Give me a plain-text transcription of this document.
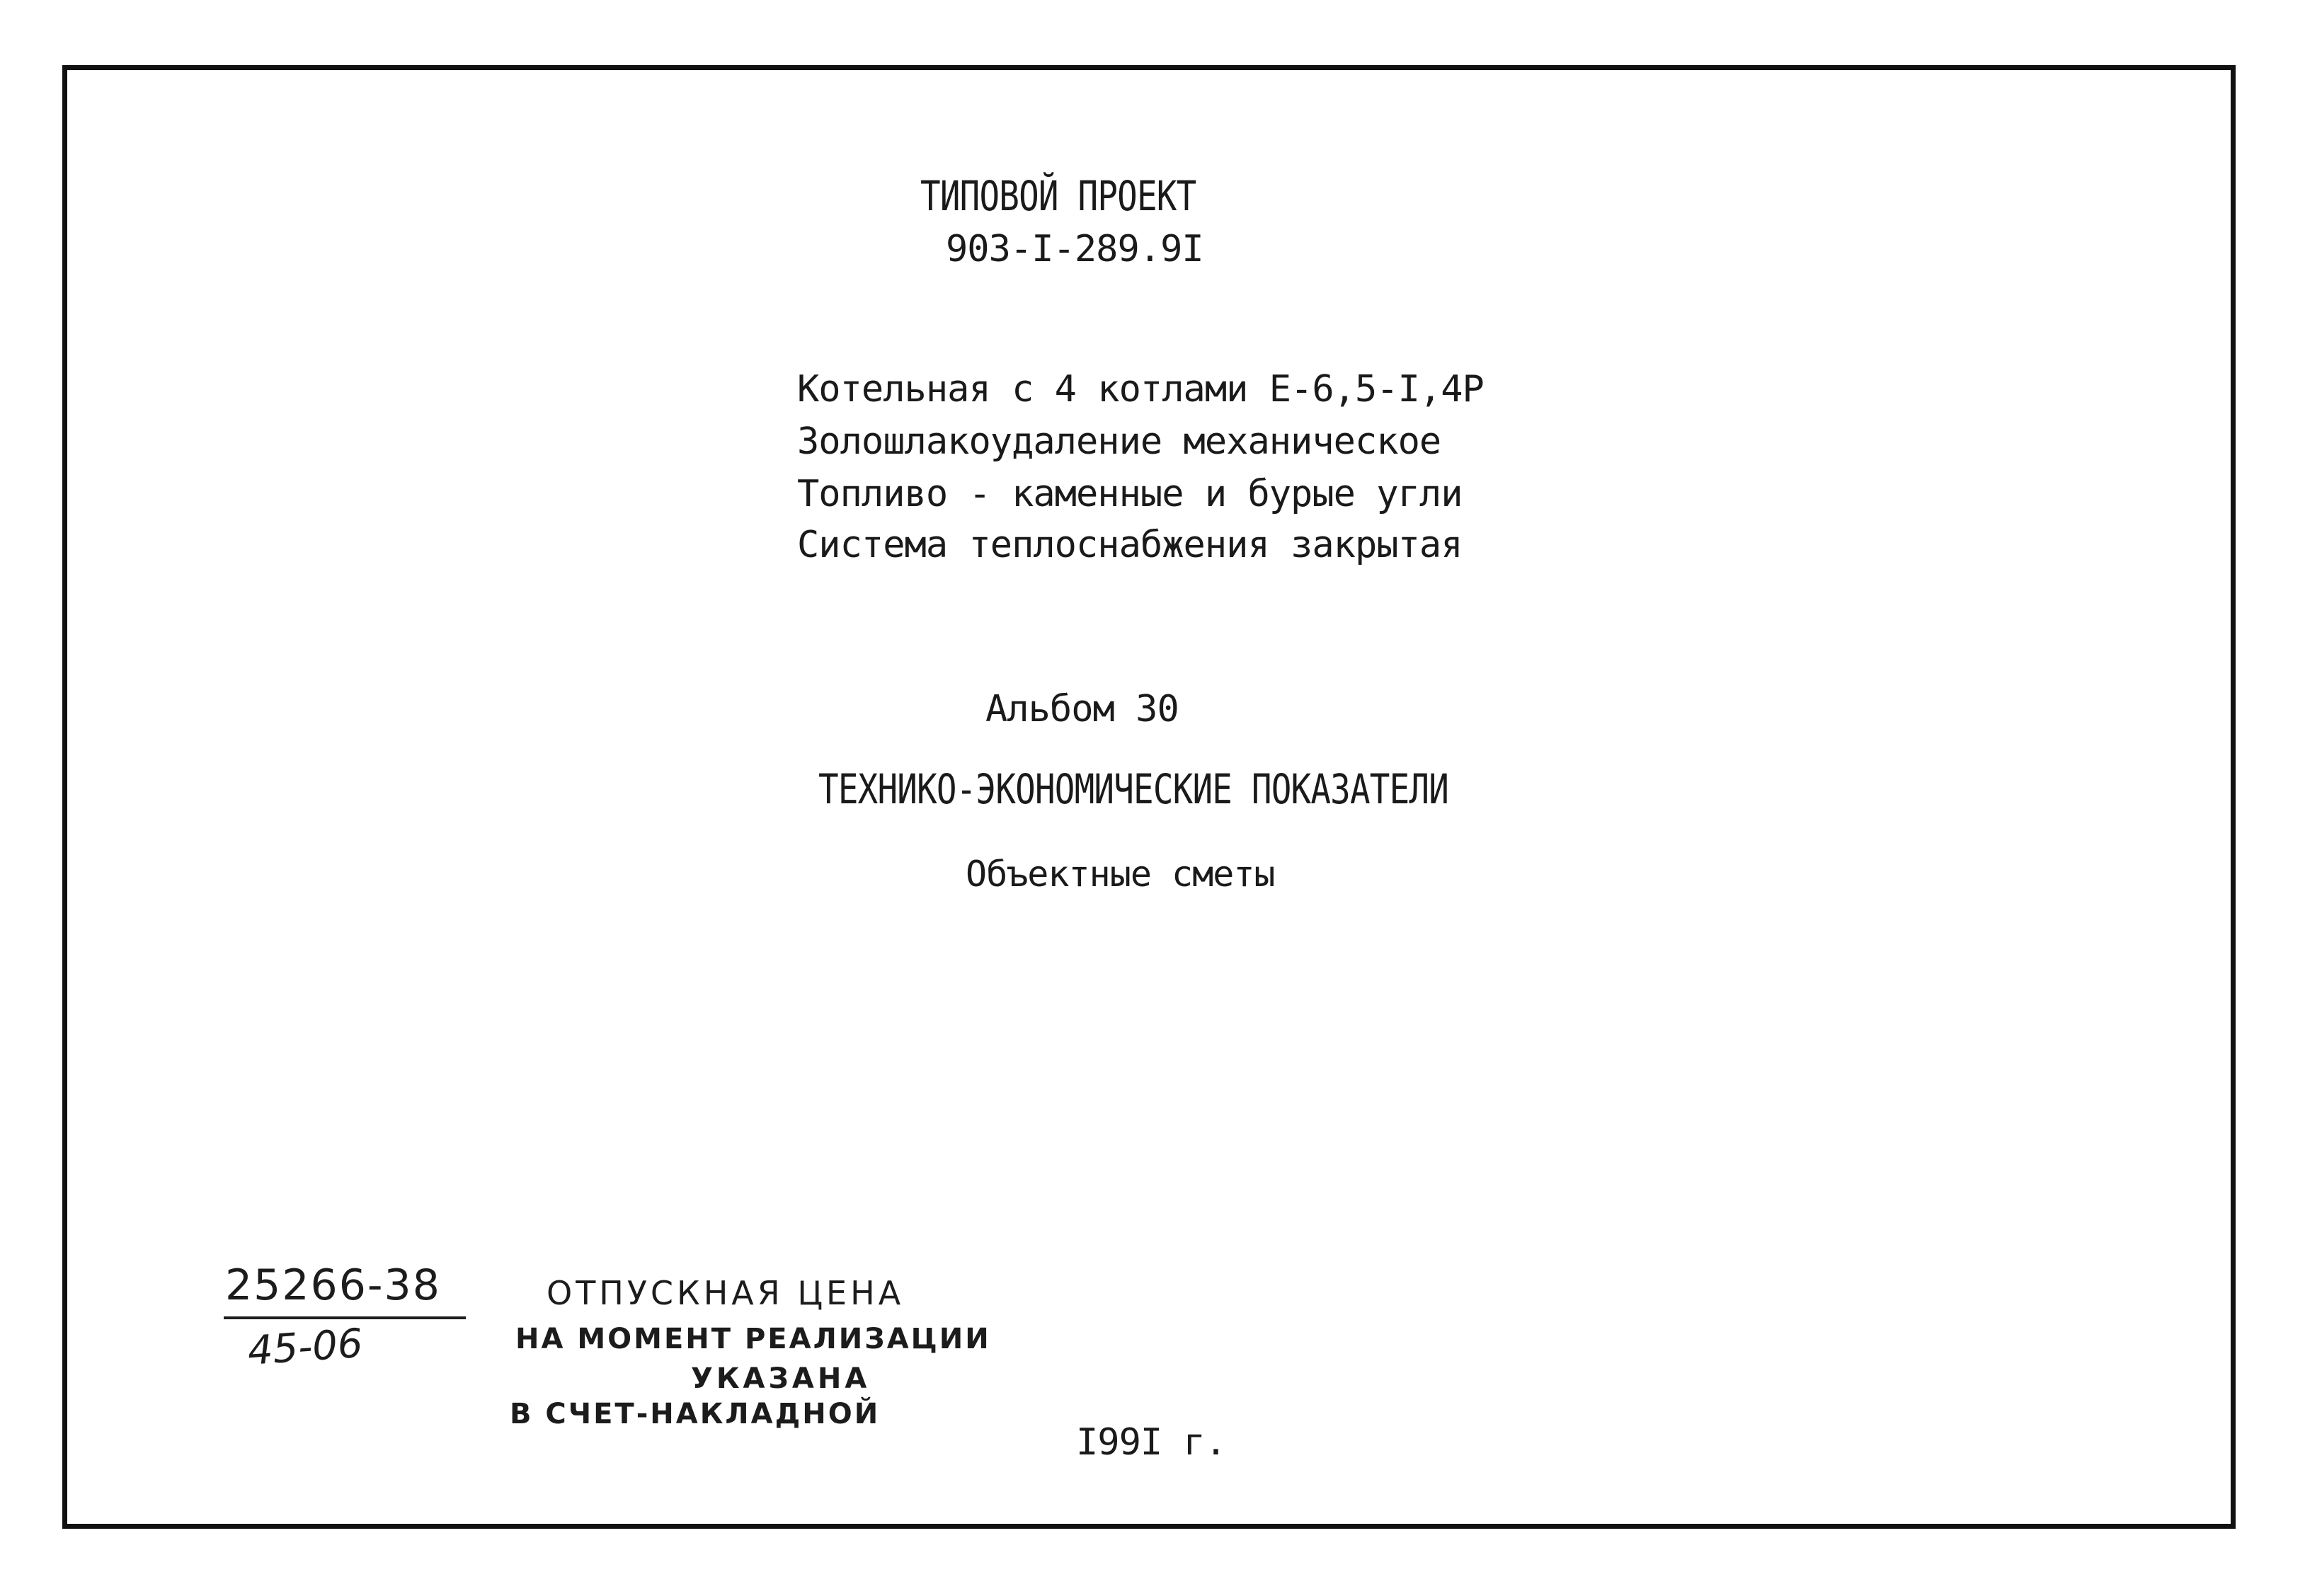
ТИПОВОЙ ПРОЕКТ
903-I-289.9I
Котельная с 4 котлами Е-6,5-I,4Р
Золошлакоудаление механическое
Топливо - каменные и бурые угли
Система теплоснабжения закрытая
Альбом 30
ТЕХНИКО-ЭКОНОМИЧЕСКИЕ ПОКАЗАТЕЛИ
Объектные сметы
25266-38
45-06
ОТПУСКНАЯ ЦЕНА
НА МОМЕНТ РЕАЛИЗАЦИИ
УКАЗАНА
В СЧЕТ-НАКЛАДНОЙ
I99I г.
